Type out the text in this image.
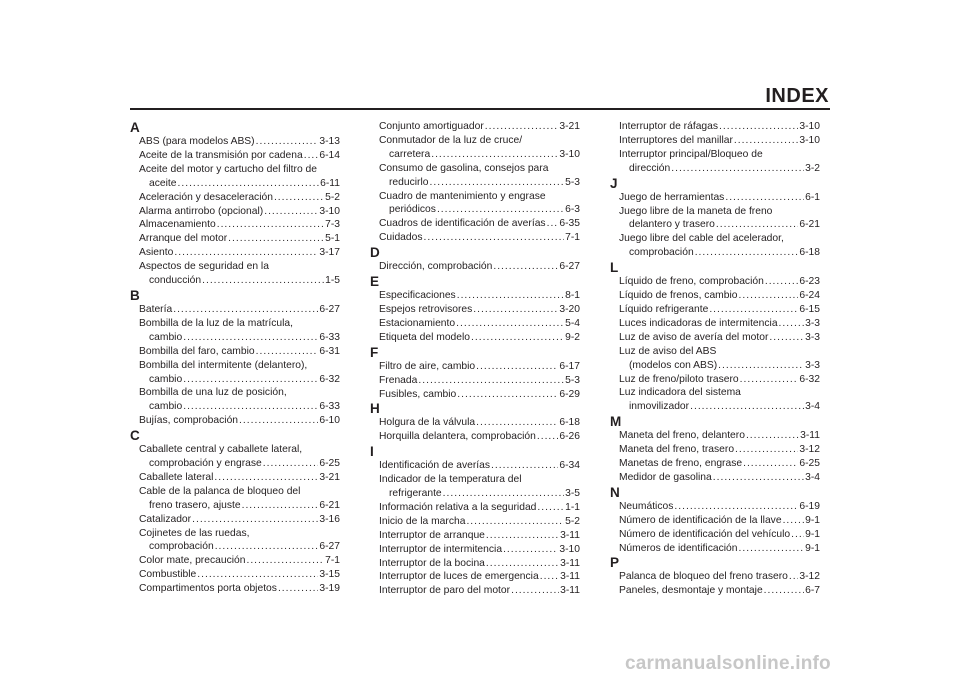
INDEX
A
ABS (para modelos ABS) .....	3-13
Aceite de la transmisión por cadena ..... 6-14
Aceite del motor y cartucho del filtro de
aceite .....	6-11
Aceleración y desaceleración .....	5-2
Alarma antirrobo (opcional) .....	3-10
Almacenamiento .....	7-3
Arranque del motor .....	5-1
Asiento .....	3-17
Aspectos de seguridad en la
conducción .....	1-5
B
Batería .....	6-27
Bombilla de la luz de la matrícula,
cambio .....	6-33
Bombilla del faro, cambio .....	6-31
Bombilla del intermitente (delantero),
cambio .....	6-32
Bombilla de una luz de posición,
cambio .....	6-33
Bujías, comprobación .....	6-10
C
Caballete central y caballete lateral,
comprobación y engrase .....	6-25
Caballete lateral .....	3-21
Cable de la palanca de bloqueo del
freno trasero, ajuste .....	6-21
Catalizador .....	3-16
Cojinetes de las ruedas,
comprobación .....	6-27
Color mate, precaución .....	7-1
Combustible .....	3-15
Compartimentos porta objetos .....	3-19
Conjunto amortiguador .....	3-21
Conmutador de la luz de cruce/
carretera .....	3-10
Consumo de gasolina, consejos para
reducirlo .....	5-3
Cuadro de mantenimiento y engrase
periódicos .....	6-3
Cuadros de identificación de averías ..... 6-35
Cuidados .....	7-1
D
Dirección, comprobación .....	6-27
E
Especificaciones .....	8-1
Espejos retrovisores .....	3-20
Estacionamiento .....	5-4
Etiqueta del modelo .....	9-2
F
Filtro de aire, cambio .....	6-17
Frenada .....	5-3
Fusibles, cambio .....	6-29
H
Holgura de la válvula .....	6-18
Horquilla delantera, comprobación ..... 6-26
I
Identificación de averías .....	6-34
Indicador de la temperatura del
refrigerante .....	3-5
Información relativa a la seguridad .....	1-1
Inicio de la marcha .....	5-2
Interruptor de arranque .....	3-11
Interruptor de intermitencia .....	3-10
Interruptor de la bocina .....	3-11
Interruptor de luces de emergencia ..... 3-11
Interruptor de paro del motor .....	3-11
Interruptor de ráfagas .....	3-10
Interruptores del manillar .....	3-10
Interruptor principal/Bloqueo de
dirección .....	3-2
J
Juego de herramientas .....	6-1
Juego libre de la maneta de freno
delantero y trasero .....	6-21
Juego libre del cable del acelerador,
comprobación .....	6-18
L
Líquido de freno, comprobación .....	6-23
Líquido de frenos, cambio .....	6-24
Líquido refrigerante .....	6-15
Luces indicadoras de intermitencia .....	3-3
Luz de aviso de avería del motor .....	3-3
Luz de aviso del ABS
(modelos con ABS) .....	3-3
Luz de freno/piloto trasero .....	6-32
Luz indicadora del sistema
inmovilizador .....	3-4
M
Maneta del freno, delantero .....	3-11
Maneta del freno, trasero .....	3-12
Manetas de freno, engrase .....	6-25
Medidor de gasolina .....	3-4
N
Neumáticos .....	6-19
Número de identificación de la llave ..... 9-1
Número de identificación del vehículo ..... 9-1
Números de identificación .....	9-1
P
Palanca de bloqueo del freno trasero ..... 3-12
Paneles, desmontaje y montaje .....	6-7
carmanualsonline.info
